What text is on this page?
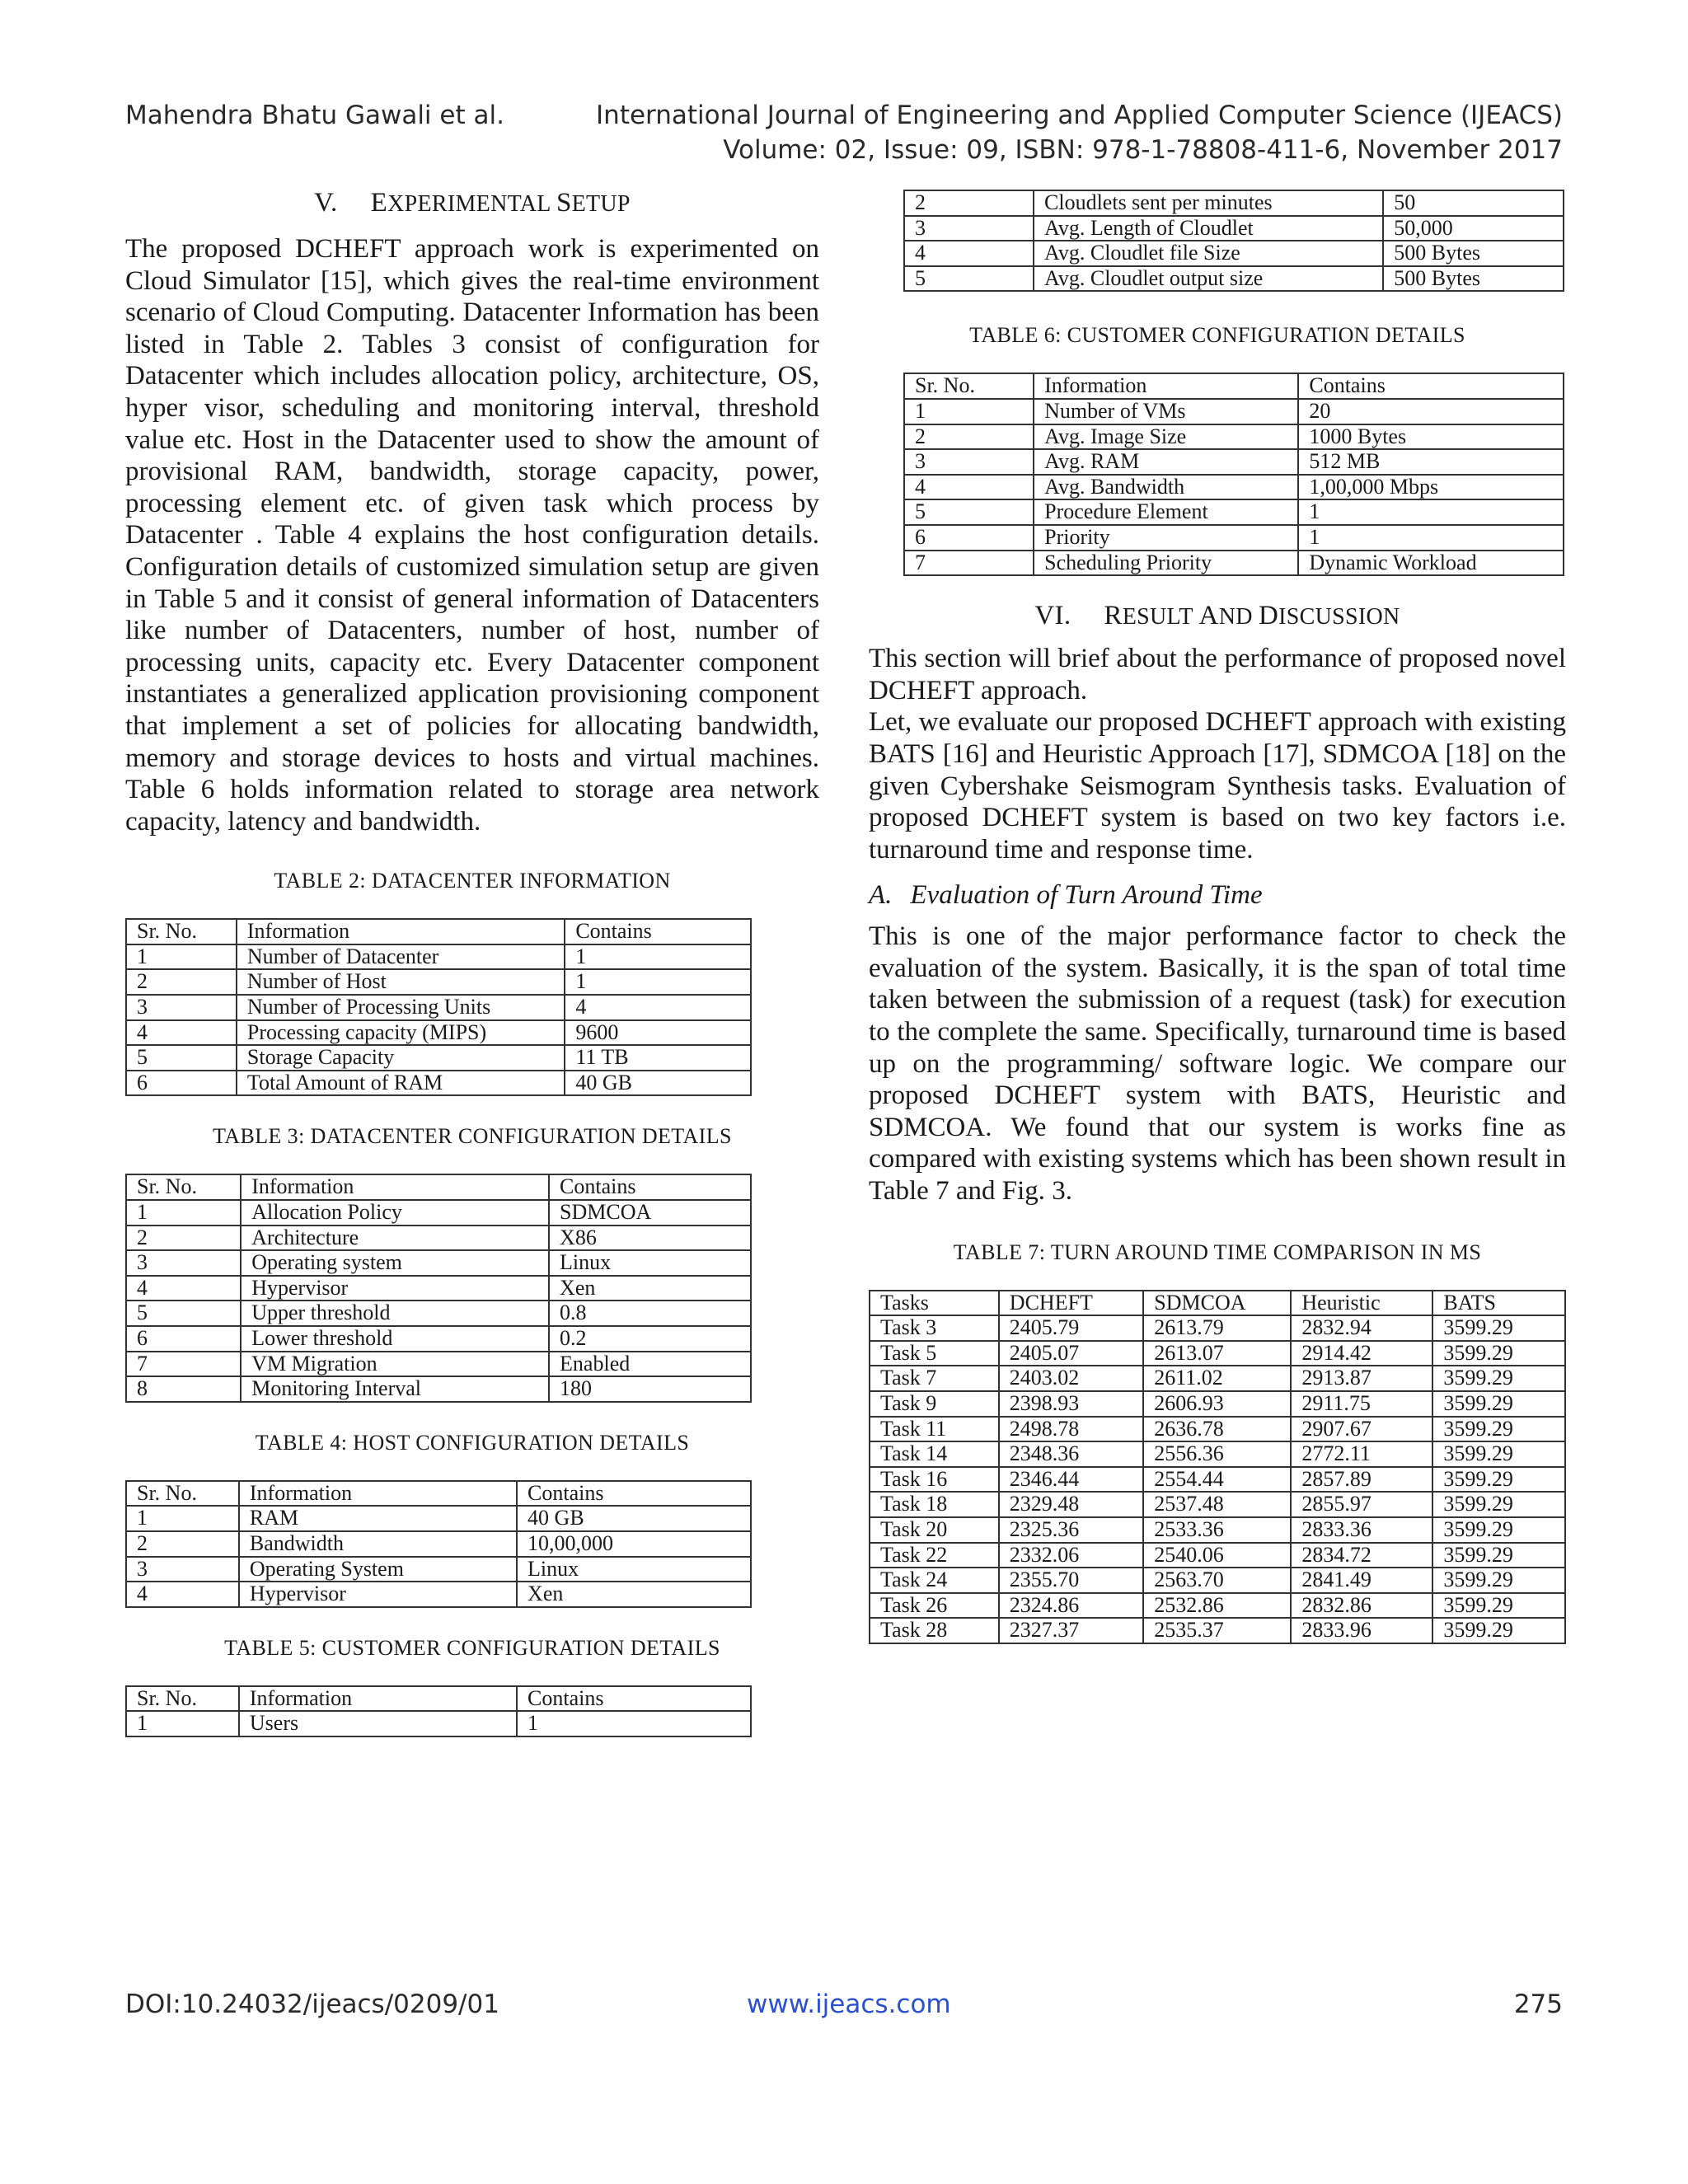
Mahendra Bhatu Gawali et al.	International Journal of Engineering and Applied Computer Science (IJEACS)
Volume: 02, Issue: 09, ISBN: 978-1-78808-411-6, November 2017
V. EXPERIMENTAL SETUP

The proposed DCHEFT approach work is experimented on Cloud Simulator [15], which gives the real-time environment scenario of Cloud Computing. Datacenter Information has been listed in Table 2. Tables 3 consist of configuration for Datacenter which includes allocation policy, architecture, OS, hyper visor, scheduling and monitoring interval, threshold value etc. Host in the Datacenter used to show the amount of provisional RAM, bandwidth, storage capacity, power, processing element etc. of given task which process by Datacenter . Table 4 explains the host configuration details. Configuration details of customized simulation setup are given in Table 5 and it consist of general information of Datacenters like number of Datacenters, number of host, number of processing units, capacity etc. Every Datacenter component instantiates a generalized application provisioning component that implement a set of policies for allocating bandwidth, memory and storage devices to hosts and virtual machines. Table 6 holds information related to storage area network capacity, latency and bandwidth.

TABLE 2: DATACENTER INFORMATION
Sr. No.	Information	Contains
1	Number of Datacenter	1
2	Number of Host	1
3	Number of Processing Units	4
4	Processing capacity (MIPS)	9600
5	Storage Capacity	11 TB
6	Total Amount of RAM	40 GB
TABLE 3: DATACENTER CONFIGURATION DETAILS
Sr. No.	Information	Contains
1	Allocation Policy	SDMCOA
2	Architecture	X86
3	Operating system	Linux
4	Hypervisor	Xen
5	Upper threshold	0.8
6	Lower threshold	0.2
7	VM Migration	Enabled
8	Monitoring Interval	180
TABLE 4: HOST CONFIGURATION DETAILS
Sr. No.	Information	Contains
1	RAM	40 GB
2	Bandwidth	10,00,000
3	Operating System	Linux
4	Hypervisor	Xen
TABLE 5: CUSTOMER CONFIGURATION DETAILS
Sr. No.	Information	Contains
1	Users	1
2	Cloudlets sent per minutes	50
3	Avg. Length of Cloudlet	50,000
4	Avg. Cloudlet file Size	500 Bytes
5	Avg. Cloudlet output size	500 Bytes
TABLE 6: CUSTOMER CONFIGURATION DETAILS
Sr. No.	Information	Contains
1	Number of VMs	20
2	Avg. Image Size	1000 Bytes
3	Avg. RAM	512 MB
4	Avg. Bandwidth	1,00,000 Mbps
5	Procedure Element	1
6	Priority	1
7	Scheduling Priority	Dynamic Workload
VI. RESULT AND DISCUSSION

This section will brief about the performance of proposed novel DCHEFT approach.

Let, we evaluate our proposed DCHEFT approach with existing BATS [16] and Heuristic Approach [17], SDMCOA [18] on the given Cybershake Seismogram Synthesis tasks. Evaluation of proposed DCHEFT system is based on two key factors i.e. turnaround time and response time.

A. Evaluation of Turn Around Time

This is one of the major performance factor to check the evaluation of the system. Basically, it is the span of total time taken between the submission of a request (task) for execution to the complete the same. Specifically, turnaround time is based up on the programming/ software logic. We compare our proposed DCHEFT system with BATS, Heuristic and SDMCOA. We found that our system is works fine as compared with existing systems which has been shown result in Table 7 and Fig. 3.

TABLE 7: TURN AROUND TIME COMPARISON IN MS
Tasks	DCHEFT	SDMCOA	Heuristic	BATS
Task 3	2405.79	2613.79	2832.94	3599.29
Task 5	2405.07	2613.07	2914.42	3599.29
Task 7	2403.02	2611.02	2913.87	3599.29
Task 9	2398.93	2606.93	2911.75	3599.29
Task 11	2498.78	2636.78	2907.67	3599.29
Task 14	2348.36	2556.36	2772.11	3599.29
Task 16	2346.44	2554.44	2857.89	3599.29
Task 18	2329.48	2537.48	2855.97	3599.29
Task 20	2325.36	2533.36	2833.36	3599.29
Task 22	2332.06	2540.06	2834.72	3599.29
Task 24	2355.70	2563.70	2841.49	3599.29
Task 26	2324.86	2532.86	2832.86	3599.29
Task 28	2327.37	2535.37	2833.96	3599.29
DOI:10.24032/ijeacs/0209/01	www.ijeacs.com	275
